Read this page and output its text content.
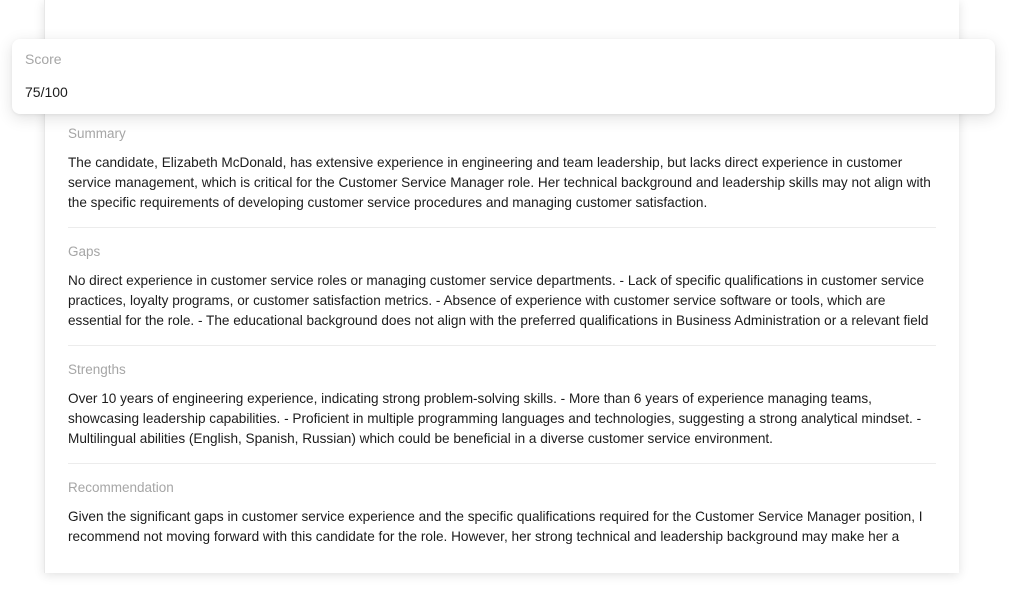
Summary

The candidate, Elizabeth McDonald, has extensive experience in engineering and team leadership, but lacks direct experience in customer service management, which is critical for the Customer Service Manager role. Her technical background and leadership skills may not align with the specific requirements of developing customer service procedures and managing customer satisfaction.

Gaps

No direct experience in customer service roles or managing customer service departments. - Lack of specific qualifications in customer service practices, loyalty programs, or customer satisfaction metrics. - Absence of experience with customer service software or tools, which are essential for the role. - The educational background does not align with the preferred qualifications in Business Administration or a relevant field

Strengths

Over 10 years of engineering experience, indicating strong problem-solving skills. - More than 6 years of experience managing teams, showcasing leadership capabilities. - Proficient in multiple programming languages and technologies, suggesting a strong analytical mindset. - Multilingual abilities (English, Spanish, Russian) which could be beneficial in a diverse customer service environment.

Recommendation

Given the significant gaps in customer service experience and the specific qualifications required for the Customer Service Manager position, I recommend not moving forward with this candidate for the role. However, her strong technical and leadership background may make her a

Score
75/100
